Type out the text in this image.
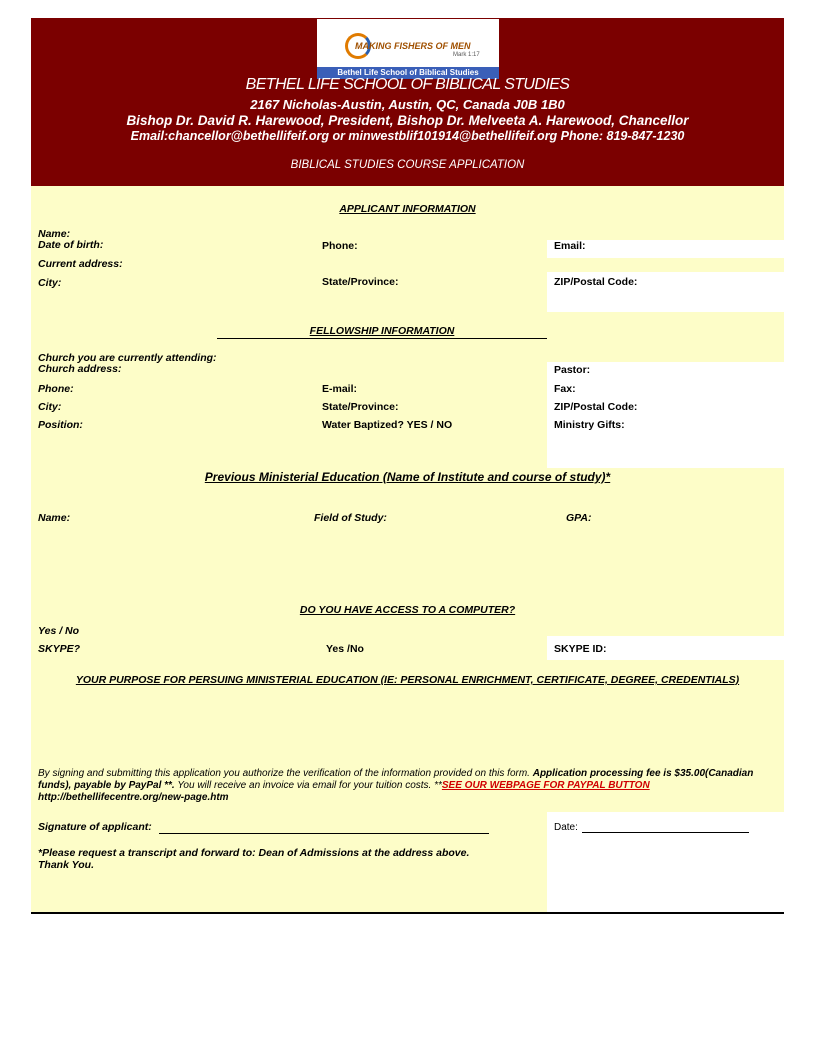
MAKING FISHERS OF MEN
Mark 1:17
Bethel Life School of Biblical Studies
BETHEL LIFE SCHOOL OF BIBLICAL STUDIES
2167 Nicholas-Austin, Austin, QC, Canada J0B 1B0
Bishop Dr. David R. Harewood, President, Bishop Dr. Melveeta A. Harewood, Chancellor
Email:chancellor@bethellifeif.org or minwestblif101914@bethellifeif.org Phone: 819-847-1230
BIBLICAL STUDIES COURSE APPLICATION
APPLICANT INFORMATION
Name:
Date of birth:	Phone:	Email:
Current address:
City:	State/Province:	ZIP/Postal Code:
FELLOWSHIP INFORMATION
Church you are currently attending:
Church address:	Pastor:
Phone:	E-mail:	Fax:
City:	State/Province:	ZIP/Postal Code:
Position:	Water Baptized? YES / NO	Ministry Gifts:
Previous Ministerial Education (Name of Institute and course of study)*
Name:	Field of Study:	GPA:
DO YOU HAVE ACCESS TO A COMPUTER?
Yes / No
SKYPE?	Yes /No	SKYPE ID:
YOUR PURPOSE FOR PERSUING MINISTERIAL EDUCATION (IE: PERSONAL ENRICHMENT, CERTIFICATE, DEGREE, CREDENTIALS)
By signing and submitting this application you authorize the verification of the information provided on this form. Application processing fee is $35.00(Canadian funds), payable by PayPal **. You will receive an invoice via email for your tuition costs. **SEE OUR WEBPAGE FOR PAYPAL BUTTON http://bethellifecentre.org/new-page.htm
Signature of applicant:	Date:
*Please request a transcript and forward to: Dean of Admissions at the address above.
Thank You.
